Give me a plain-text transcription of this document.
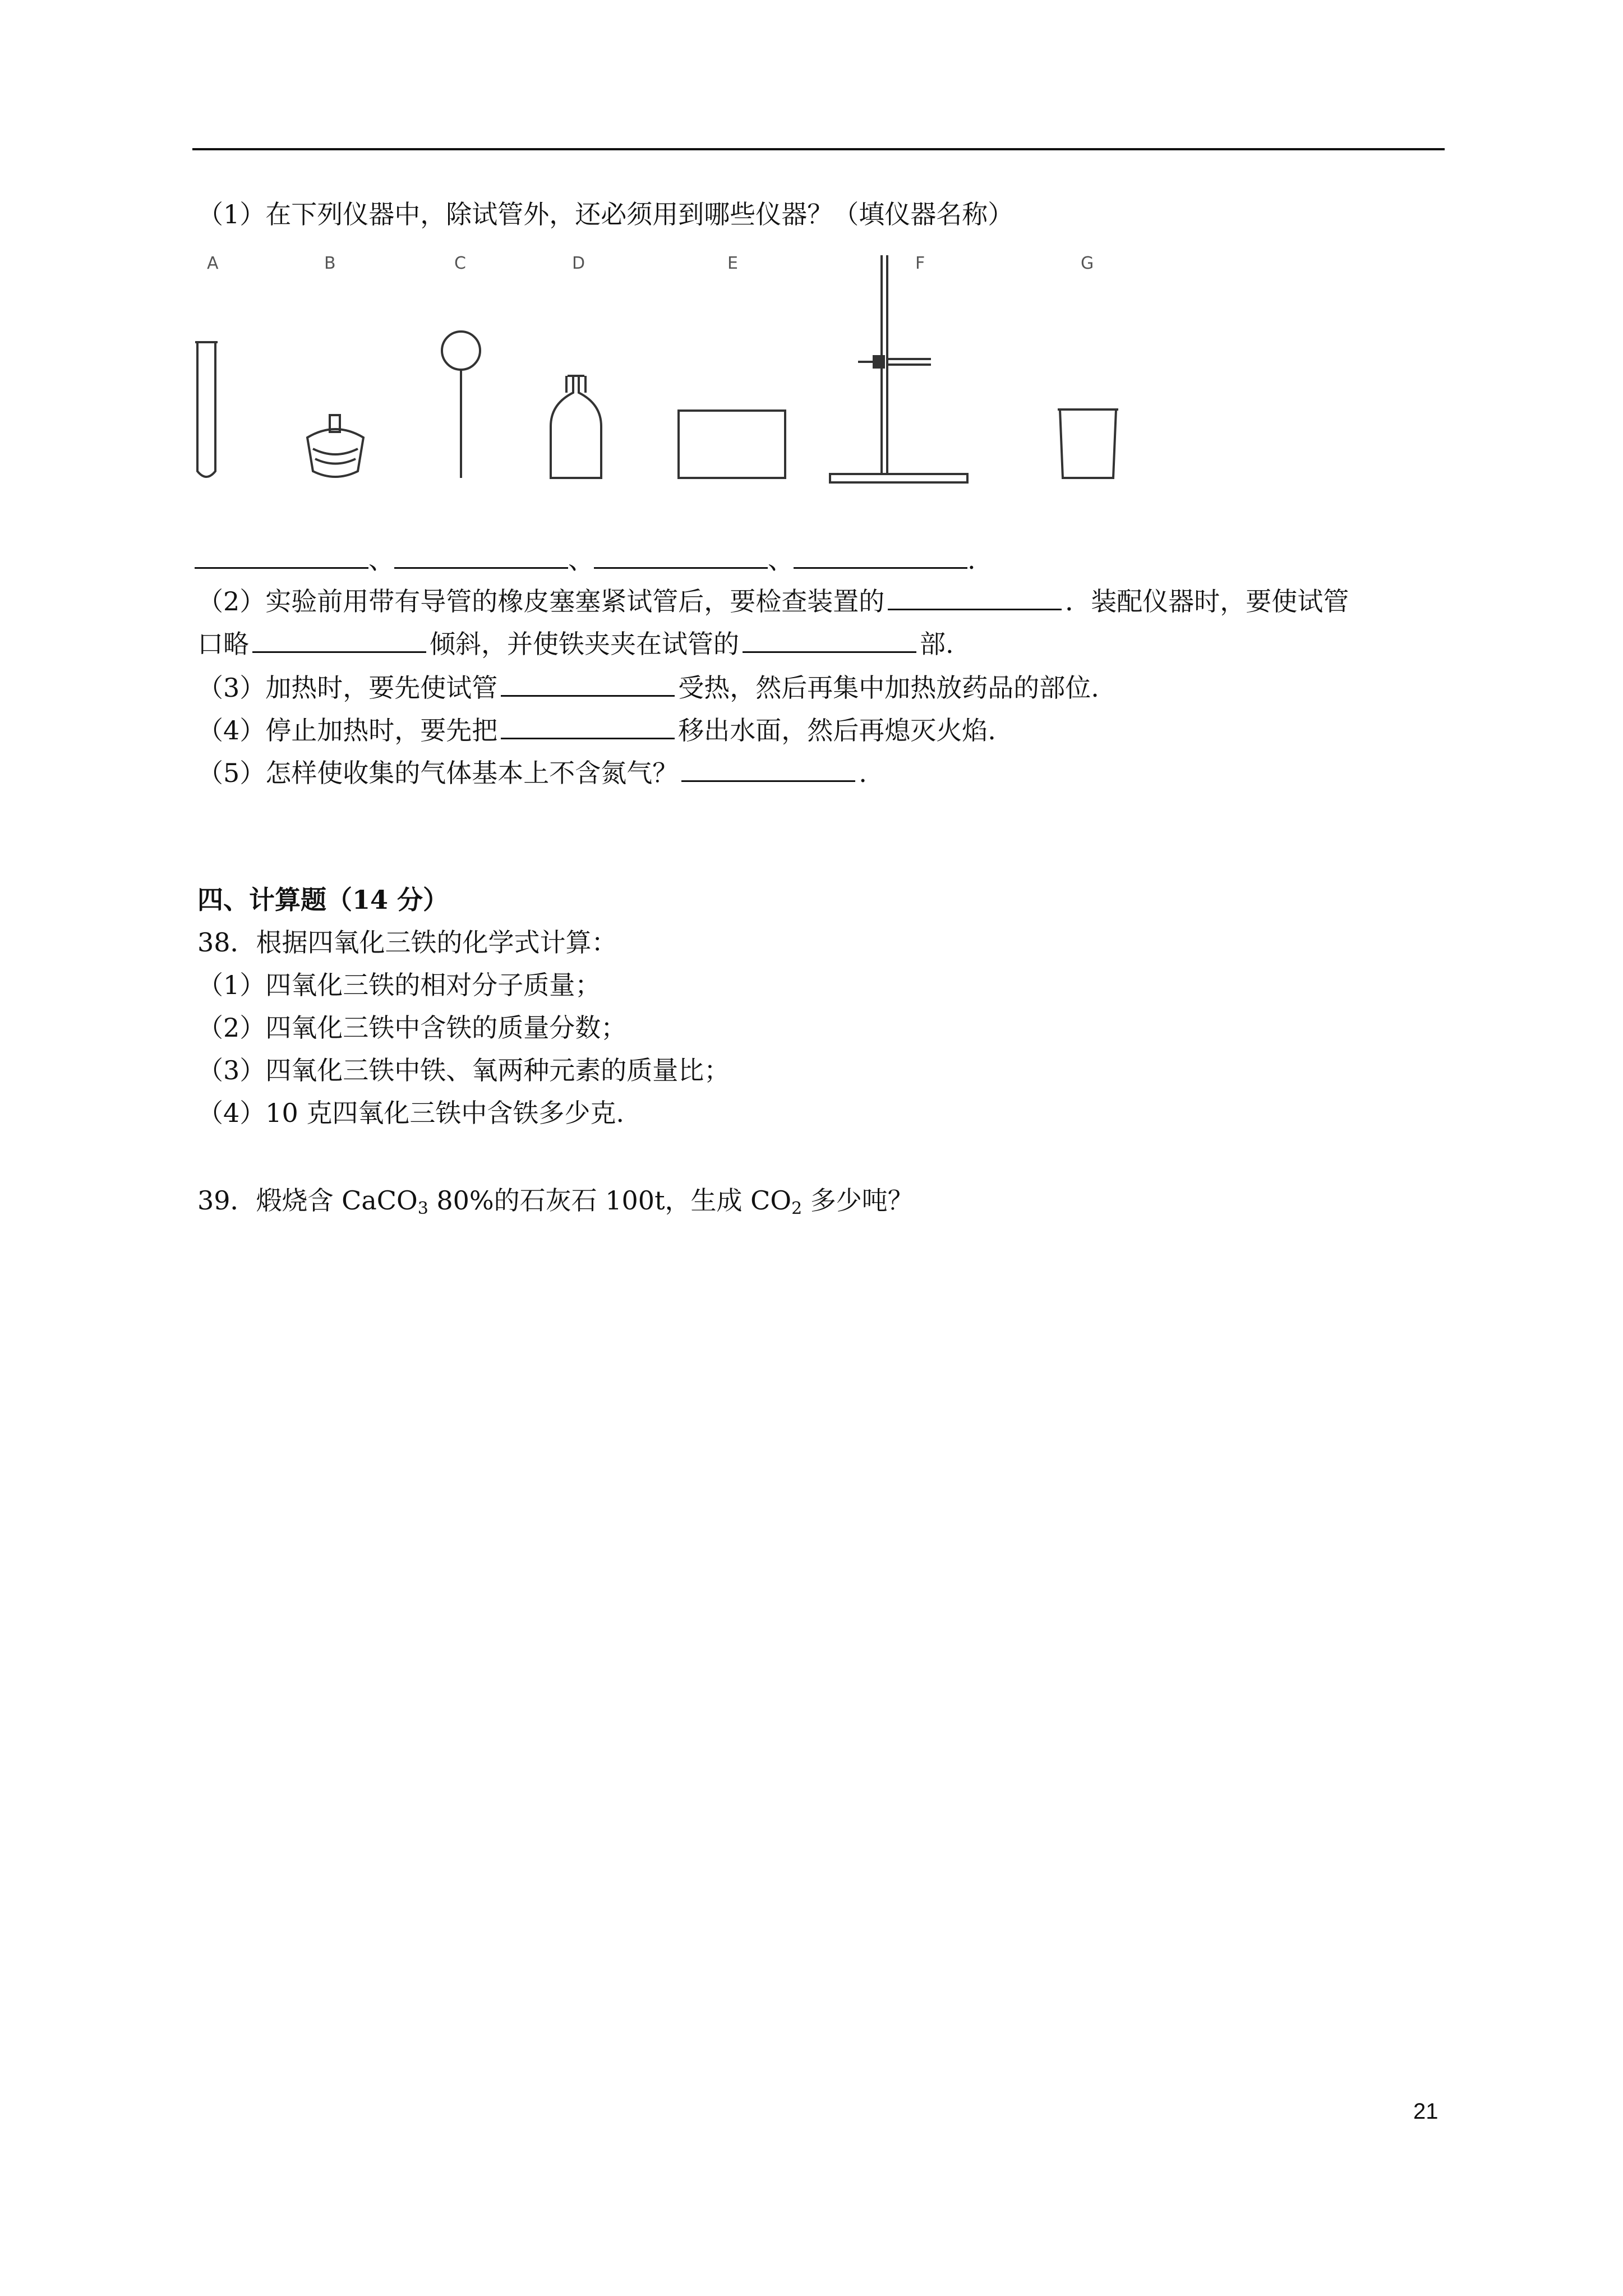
（1）在下列仪器中，除试管外，还必须用到哪些仪器？（填仪器名称）
A	B	C	D	E	F	G
、	、	、	.
（2）实验前用带有导管的橡皮塞塞紧试管后，要检查装置的	．装配仪器时，要使试管
口略	倾斜，并使铁夹夹在试管的	部.
（3）加热时，要先使试管	受热，然后再集中加热放药品的部位.
（4）停止加热时，要先把	移出水面，然后再熄灭火焰.
（5）怎样使收集的气体基本上不含氮气？	.
四、计算题（14 分）
38．根据四氧化三铁的化学式计算：
（1）四氧化三铁的相对分子质量；
（2）四氧化三铁中含铁的质量分数；
（3）四氧化三铁中铁、氧两种元素的质量比；
（4）10 克四氧化三铁中含铁多少克.
39．煅烧含 CaCO$_3$ 80%的石灰石 100t，生成 $CO_2$ 多少吨？
21
